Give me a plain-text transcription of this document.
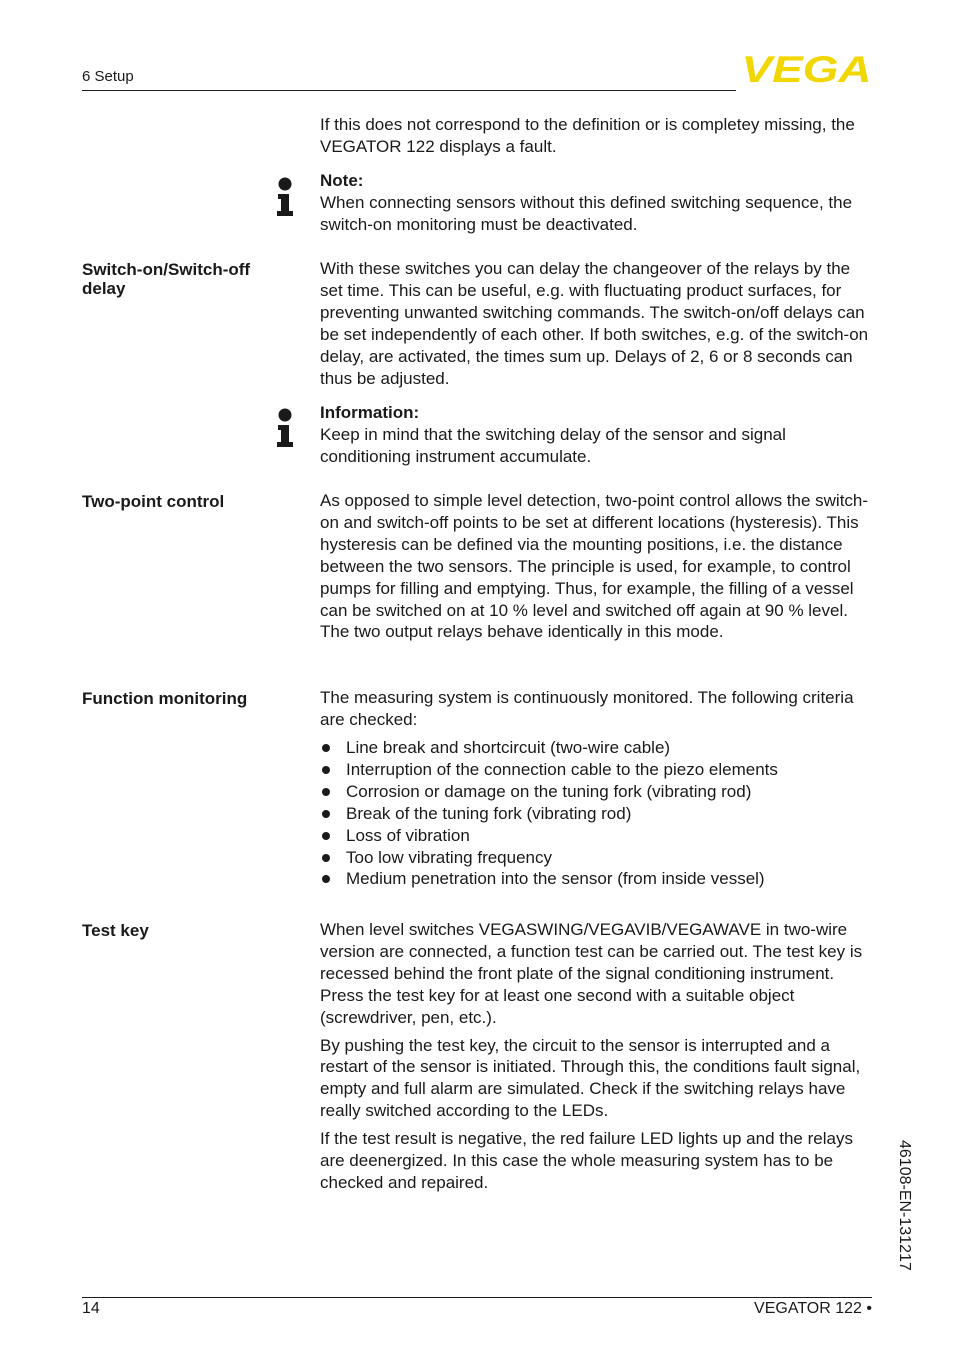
6 Setup	VEGA
If this does not correspond to the definition or is completey missing, the VEGATOR 122 displays a fault.

Note:

When connecting sensors without this defined switching sequence, the switch-on monitoring must be deactivated.

Switch-on/Switch-off delay
With these switches you can delay the changeover of the relays by the set time. This can be useful, e.g. with fluctuating product surfaces, for preventing unwanted switching commands. The switch-on/off delays can be set independently of each other. If both switches, e.g. of the switch-on delay, are activated, the times sum up. Delays of 2, 6 or 8 seconds can thus be adjusted.

Information:

Keep in mind that the switching delay of the sensor and signal conditioning instrument accumulate.

Two-point control	As opposed to simple level detection, two-point control allows the switch-on and switch-off points to be set at different locations (hysteresis). This hysteresis can be defined via the mounting positions, i.e. the distance between the two sensors. The principle is used, for example, to control pumps for filling and emptying. Thus, for example, the filling of a vessel can be switched on at 10 % level and switched off again at 90 % level. The two output relays behave identically in this mode.
Function monitoring	The measuring system is continuously monitored. The following criteria are checked:
Line break and shortcircuit (two-wire cable)
Interruption of the connection cable to the piezo elements
Corrosion or damage on the tuning fork (vibrating rod)
Break of the tuning fork (vibrating rod)
Loss of vibration
Too low vibrating frequency
Medium penetration into the sensor (from inside vessel)
Test key	When level switches VEGASWING/VEGAVIB/VEGAWAVE in two-wire version are connected, a function test can be carried out. The test key is recessed behind the front plate of the signal conditioning instrument. Press the test key for at least one second with a suitable object (screwdriver, pen, etc.).

By pushing the test key, the circuit to the sensor is interrupted and a restart of the sensor is initiated. Through this, the conditions fault signal, empty and full alarm are simulated. Check if the switching relays have really switched according to the LEDs.

If the test result is negative, the red failure LED lights up and the relays are deenergized. In this case the whole measuring system has to be checked and repaired.	46108-EN-131217
14	VEGATOR 122 •
